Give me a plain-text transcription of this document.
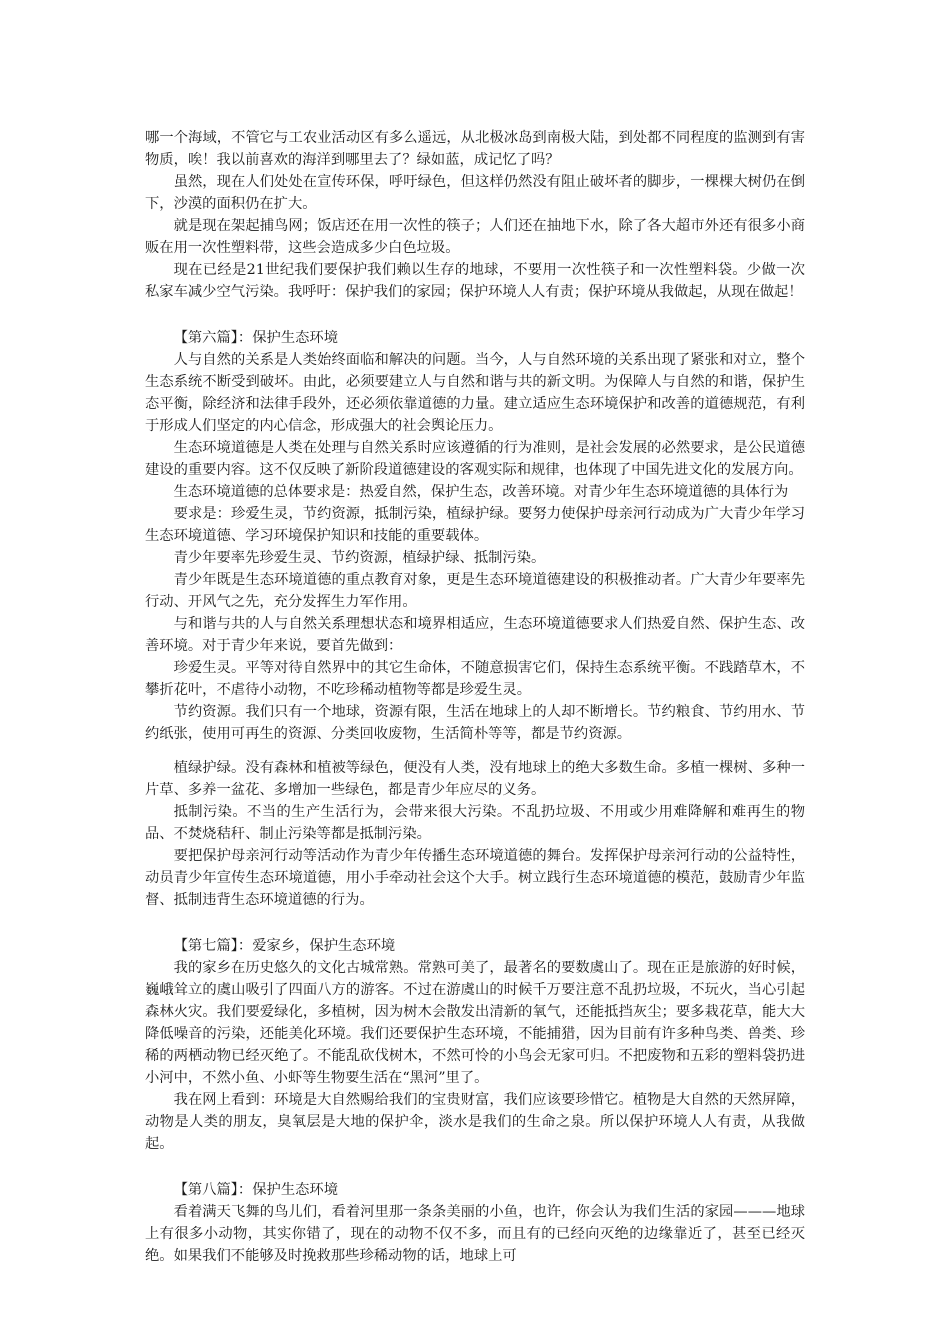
哪一个海域，不管它与工农业活动区有多么遥远，从北极冰岛到南极大陆，到处都不同程度的监测到有害物质，唉！我以前喜欢的海洋到哪里去了？绿如蓝，成记忆了吗？

虽然，现在人们处处在宣传环保，呼吁绿色，但这样仍然没有阻止破坏者的脚步，一棵棵大树仍在倒下，沙漠的面积仍在扩大。

就是现在架起捕鸟网；饭店还在用一次性的筷子；人们还在抽地下水，除了各大超市外还有很多小商贩在用一次性塑料带，这些会造成多少白色垃圾。

现在已经是21世纪我们要保护我们赖以生存的地球，不要用一次性筷子和一次性塑料袋。少做一次私家车减少空气污染。我呼吁：保护我们的家园；保护环境人人有责；保护环境从我做起，从现在做起！

【第六篇】：保护生态环境

人与自然的关系是人类始终面临和解决的问题。当今，人与自然环境的关系出现了紧张和对立，整个生态系统不断受到破坏。由此，必须要建立人与自然和谐与共的新文明。为保障人与自然的和谐，保护生态平衡，除经济和法律手段外，还必须依靠道德的力量。建立适应生态环境保护和改善的道德规范，有利于形成人们坚定的内心信念，形成强大的社会舆论压力。

生态环境道德是人类在处理与自然关系时应该遵循的行为准则，是社会发展的必然要求，是公民道德建设的重要内容。这不仅反映了新阶段道德建设的客观实际和规律，也体现了中国先进文化的发展方向。

生态环境道德的总体要求是：热爱自然，保护生态，改善环境。对青少年生态环境道德的具体行为

要求是：珍爱生灵，节约资源，抵制污染，植绿护绿。要努力使保护母亲河行动成为广大青少年学习生态环境道德、学习环境保护知识和技能的重要载体。

青少年要率先珍爱生灵、节约资源，植绿护绿、抵制污染。

青少年既是生态环境道德的重点教育对象，更是生态环境道德建设的积极推动者。广大青少年要率先行动、开风气之先，充分发挥生力军作用。

与和谐与共的人与自然关系理想状态和境界相适应，生态环境道德要求人们热爱自然、保护生态、改善环境。对于青少年来说，要首先做到：

珍爱生灵。平等对待自然界中的其它生命体，不随意损害它们，保持生态系统平衡。不践踏草木，不攀折花叶，不虐待小动物，不吃珍稀动植物等都是珍爱生灵。

节约资源。我们只有一个地球，资源有限，生活在地球上的人却不断增长。节约粮食、节约用水、节约纸张，使用可再生的资源、分类回收废物，生活简朴等等，都是节约资源。

植绿护绿。没有森林和植被等绿色，便没有人类，没有地球上的绝大多数生命。多植一棵树、多种一片草、多养一盆花、多增加一些绿色，都是青少年应尽的义务。

抵制污染。不当的生产生活行为，会带来很大污染。不乱扔垃圾、不用或少用难降解和难再生的物品、不焚烧秸秆、制止污染等都是抵制污染。

要把保护母亲河行动等活动作为青少年传播生态环境道德的舞台。发挥保护母亲河行动的公益特性，动员青少年宣传生态环境道德，用小手牵动社会这个大手。树立践行生态环境道德的模范，鼓励青少年监督、抵制违背生态环境道德的行为。

【第七篇】：爱家乡，保护生态环境

我的家乡在历史悠久的文化古城常熟。常熟可美了，最著名的要数虞山了。现在正是旅游的好时候，巍峨耸立的虞山吸引了四面八方的游客。不过在游虞山的时候千万要注意不乱扔垃圾，不玩火，当心引起森林火灾。我们要爱绿化，多植树，因为树木会散发出清新的氧气，还能抵挡灰尘；要多栽花草，能大大降低噪音的污染，还能美化环境。我们还要保护生态环境，不能捕猎，因为目前有许多种鸟类、兽类、珍稀的两栖动物已经灭绝了。不能乱砍伐树木，不然可怜的小鸟会无家可归。不把废物和五彩的塑料袋扔进小河中，不然小鱼、小虾等生物要生活在“黑河”里了。

我在网上看到：环境是大自然赐给我们的宝贵财富，我们应该要珍惜它。植物是大自然的天然屏障，动物是人类的朋友，臭氧层是大地的保护伞，淡水是我们的生命之泉。所以保护环境人人有责，从我做起。

【第八篇】：保护生态环境

看着满天飞舞的鸟儿们，看着河里那一条条美丽的小鱼，也许，你会认为我们生活的家园———地球上有很多小动物，其实你错了，现在的动物不仅不多，而且有的已经向灭绝的边缘靠近了，甚至已经灭绝。如果我们不能够及时挽救那些珍稀动物的话，地球上可
